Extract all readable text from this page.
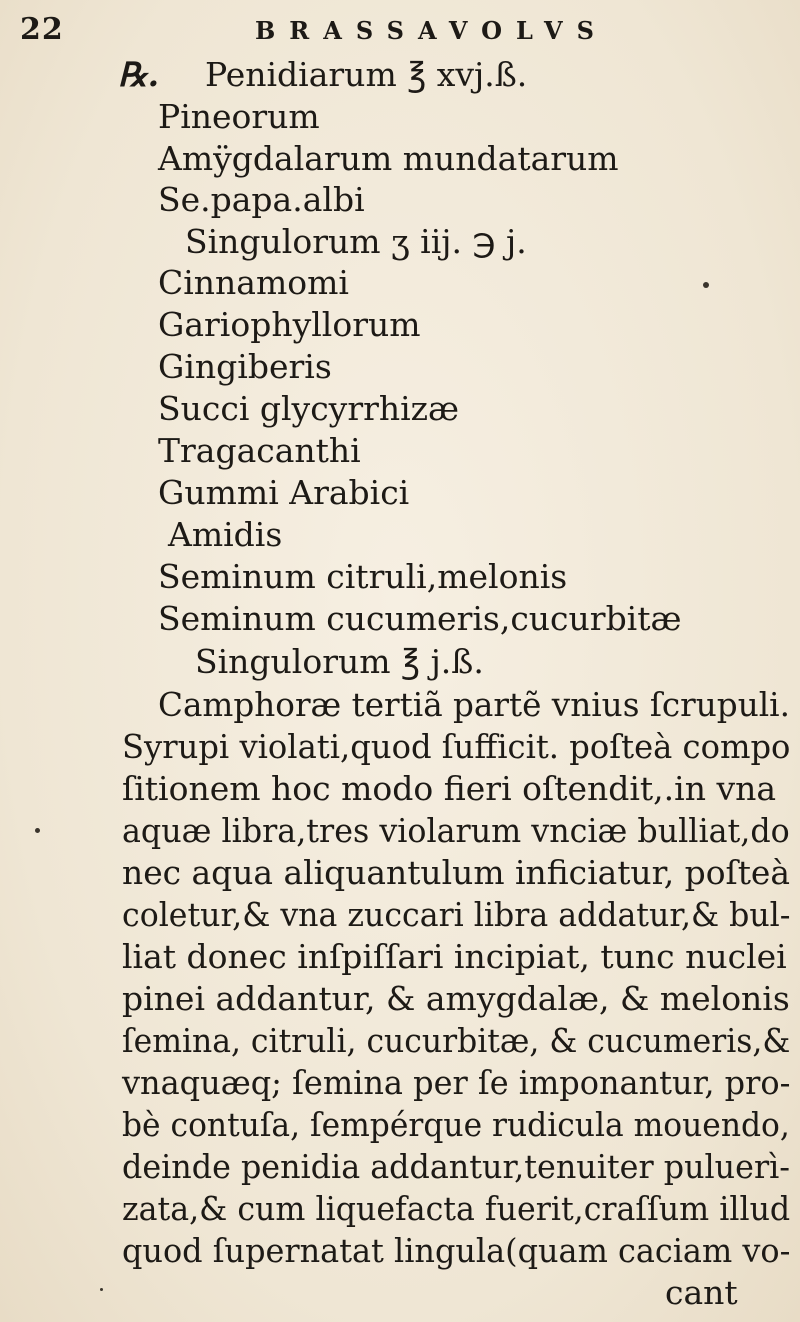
22	BRASSAVOLVS
℞. Penidiarum ℥ xvj.ß.
Pineorum
Amÿgdalarum mundatarum
Se.papa.albi
Singulorum ʒ iij. ℈ j.
Cinnamomi
Gariophyllorum
Gingiberis
Succi glycyrrhizæ
Tragacanthi
Gummi Arabici
Amidis
Seminum citruli,melonis
Seminum cucumeris,cucurbitæ
Singulorum ℥ j.ß.
Camphoræ tertiã partẽ vnius ſcrupuli.
Syrupi violati,quod ſufficit. poſteà compo
ſitionem hoc modo fieri oſtendit,.in vna
aquæ libra,tres violarum vnciæ bulliat,do
nec aqua aliquantulum inficiatur, poſteà
coletur,& vna zuccari libra addatur,& bul-
liat donec inſpiſſari incipiat, tunc nuclei
pinei addantur, & amygdalæ, & melonis
ſemina, citruli, cucurbitæ, & cucumeris,&
vnaquæq; ſemina per ſe imponantur, pro-
bè contuſa, ſempérque rudicula mouendo,
deinde penidia addantur,tenuiter puluerì-
zata,& cum liquefacta fuerit,craſſum illud
quod ſupernatat lingula(quam caciam vo-
cant
